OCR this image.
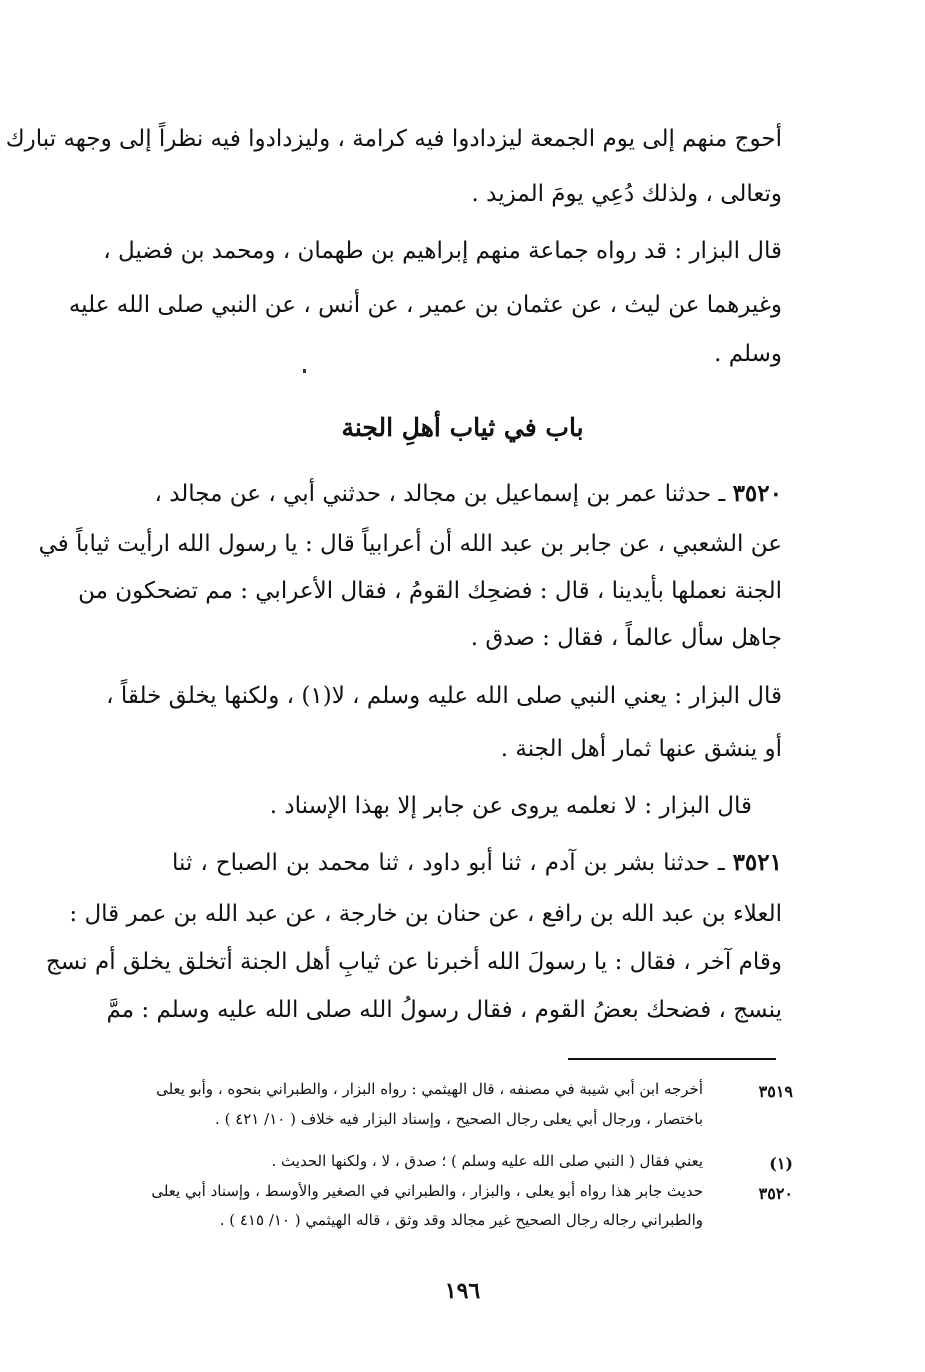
أحوج منهم إلى يوم الجمعة ليزدادوا فيه كرامة ، وليزدادوا فيه نظراً إلى وجهه تبارك
وتعالى ، ولذلك دُعِي يومَ المزيد .
قال البزار : قد رواه جماعة منهم إبراهيم بن طهمان ، ومحمد بن فضيل ،
وغيرهما عن ليث ، عن عثمان بن عمير ، عن أنس ، عن النبي صلى الله عليه
وسلم .
باب في ثياب أهلِ الجنة
٣٥٢٠ ـ حدثنا عمر بن إسماعيل بن مجالد ، حدثني أبي ، عن مجالد ،
عن الشعبي ، عن جابر بن عبد الله أن أعرابياً قال : يا رسول الله ارأيت ثياباً في
الجنة نعملها بأيدينا ، قال : فضحِك القومُ ، فقال الأعرابي : مم تضحكون من
جاهل سأل عالماً ، فقال : صدق .
قال البزار : يعني النبي صلى الله عليه وسلم ، لا(١) ، ولكنها يخلق خلقاً ،
أو ينشق عنها ثمار أهل الجنة .
قال البزار : لا نعلمه يروى عن جابر إلا بهذا الإسناد .
٣٥٢١ ـ حدثنا بشر بن آدم ، ثنا أبو داود ، ثنا محمد بن الصباح ، ثنا
العلاء بن عبد الله بن رافع ، عن حنان بن خارجة ، عن عبد الله بن عمر قال :
وقام آخر ، فقال : يا رسولَ الله أخبرنا عن ثيابِ أهل الجنة أتخلق يخلق أم نسج
ينسج ، فضحك بعضُ القوم ، فقال رسولُ الله صلى الله عليه وسلم : ممَّ
٣٥١٩
أخرجه ابن أبي شيبة في مصنفه ، قال الهيثمي : رواه البزار ، والطبراني بنحوه ، وأبو يعلى
باختصار ، ورجال أبي يعلى رجال الصحيح ، وإسناد البزار فيه خلاف ( ١٠/ ٤٢١ ) .
(١)
يعني فقال ( النبي صلى الله عليه وسلم ) ؛ صدق ، لا ، ولكنها الحديث .
٣٥٢٠
حديث جابر هذا رواه أبو يعلى ، والبزار ، والطبراني في الصغير والأوسط ، وإسناد أبي يعلى
والطبراني رجاله رجال الصحيح غير مجالد وقد وثق ، قاله الهيثمي ( ١٠/ ٤١٥ ) .
١٩٦
